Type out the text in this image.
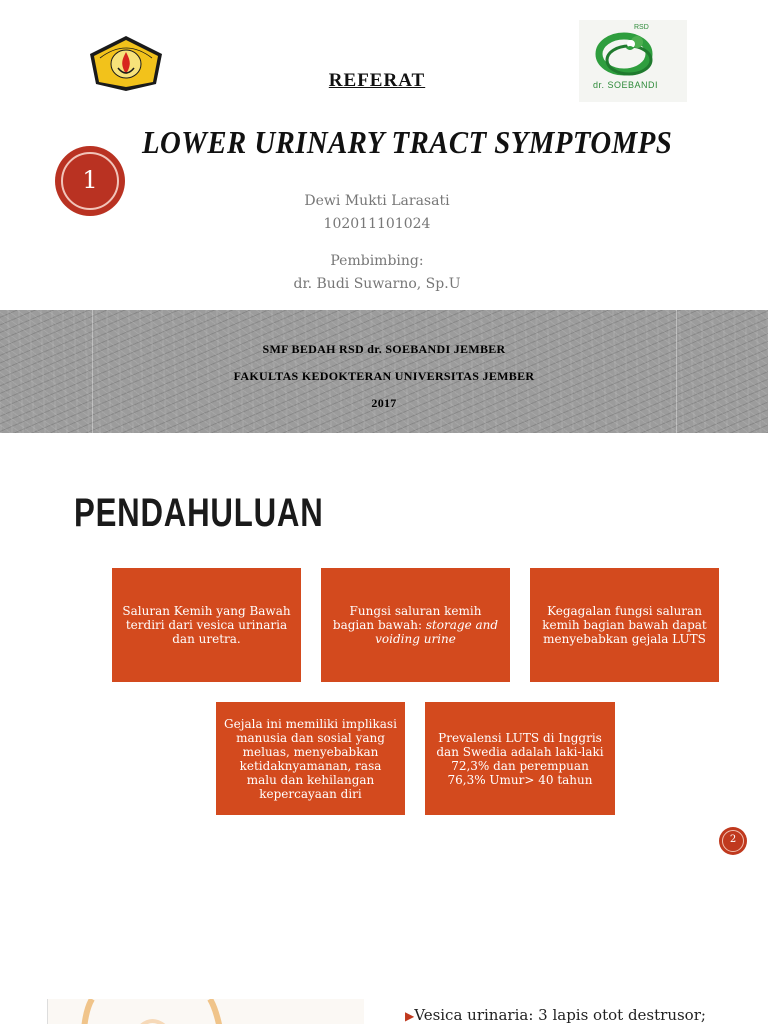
RSD
dr. SOEBANDI
REFERAT
LOWER URINARY TRACT SYMPTOMPS
1
Dewi Mukti Larasati
102011101024
Pembimbing:
dr. Budi Suwarno, Sp.U
SMF BEDAH RSD dr. SOEBANDI JEMBER
FAKULTAS KEDOKTERAN UNIVERSITAS JEMBER
2017
PENDAHULUAN
Saluran Kemih yang Bawah terdiri dari vesica urinaria dan uretra.
Fungsi saluran kemih bagian bawah: storage and voiding urine
Kegagalan fungsi saluran kemih bagian bawah dapat menyebabkan gejala LUTS
Gejala ini memiliki implikasi manusia dan sosial yang meluas, menyebabkan ketidaknyamanan, rasa malu dan kehilangan kepercayaan diri
Prevalensi LUTS di Inggris dan Swedia adalah laki-laki 72,3% dan perempuan 76,3% Umur> 40 tahun
2
▶Vesica urinaria: 3 lapis otot destrusor;
